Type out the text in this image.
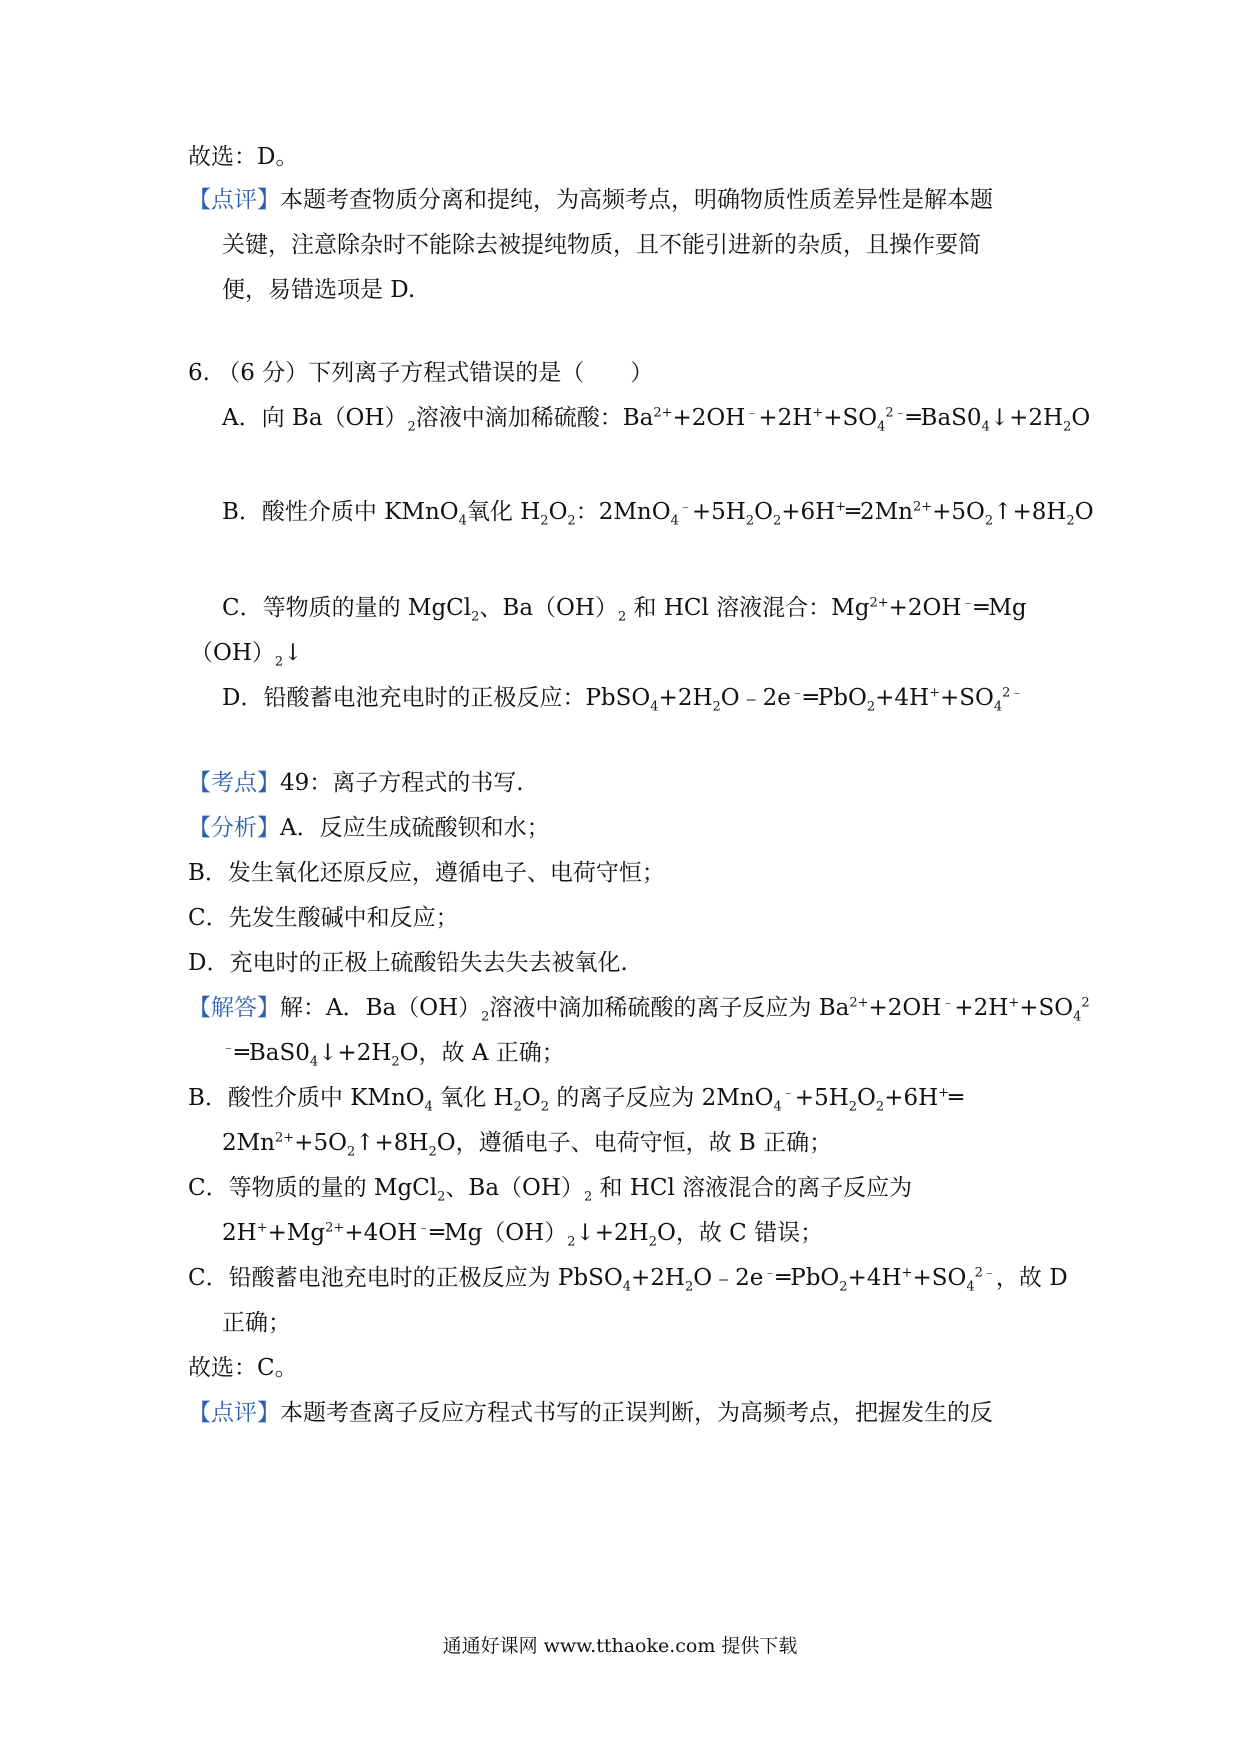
故选：D。
【点评】本题考查物质分离和提纯，为高频考点，明确物质性质差异性是解本题
关键，注意除杂时不能除去被提纯物质，且不能引进新的杂质，且操作要简
便，易错选项是 D.
6. （6 分）下列离子方程式错误的是（　　）
A．向 $Ba(OH)_2$溶液中滴加稀硫酸：$Ba^{2+}+2OH^﹣+2H^++SO_4^{2﹣}═BaS0_4↓+2H_2O$
B．酸性介质中 KMnO$_4$氧化 $H_2O_2$：$2MnO_4^﹣+5H_2O_2+6H^+═2Mn^{2+}+5O_2↑+8H_2O$
C．等物质的量的 MgCl$_2$、$Ba(OH)_2$ 和 HCl 溶液混合：$Mg^{2+}+2OH^﹣═Mg$
$(OH)_2↓$
D．铅酸蓄电池充电时的正极反应：$PbSO_4+2H_2O﹣2e^﹣═PbO_2+4H^++SO_4^{2﹣}$
【考点】49：离子方程式的书写.
【分析】A．反应生成硫酸钡和水；
B．发生氧化还原反应，遵循电子、电荷守恒；
C．先发生酸碱中和反应；
D．充电时的正极上硫酸铅失去失去被氧化.
【解答】解：A．$Ba(OH)_2$溶液中滴加稀硫酸的离子反应为 $Ba^{2+}+2OH^﹣+2H^++SO_4^2$
$^﹣═BaS0_4↓+2H_2O$，故 A 正确；
B．酸性介质中 KMnO$_4$ 氧化 $H_2O_2$ 的离子反应为 $2MnO_4^﹣+5H_2O_2+6H^+═$
$2Mn^{2+}+5O_2↑+8H_2O$，遵循电子、电荷守恒，故 B 正确；
C．等物质的量的 MgCl$_2$、$Ba(OH)_2$ 和 HCl 溶液混合的离子反应为
$2H^++Mg^{2+}+4OH^﹣═Mg(OH)_2↓+2H_2O$，故 C 错误；
C．铅酸蓄电池充电时的正极反应为 $PbSO_4+2H_2O﹣2e^﹣═PbO_2+4H^++SO_4^{2﹣}$，故 D
正确；
故选：C。
【点评】本题考查离子反应方程式书写的正误判断，为高频考点，把握发生的反
通通好课网 www.tthaoke.com 提供下载
